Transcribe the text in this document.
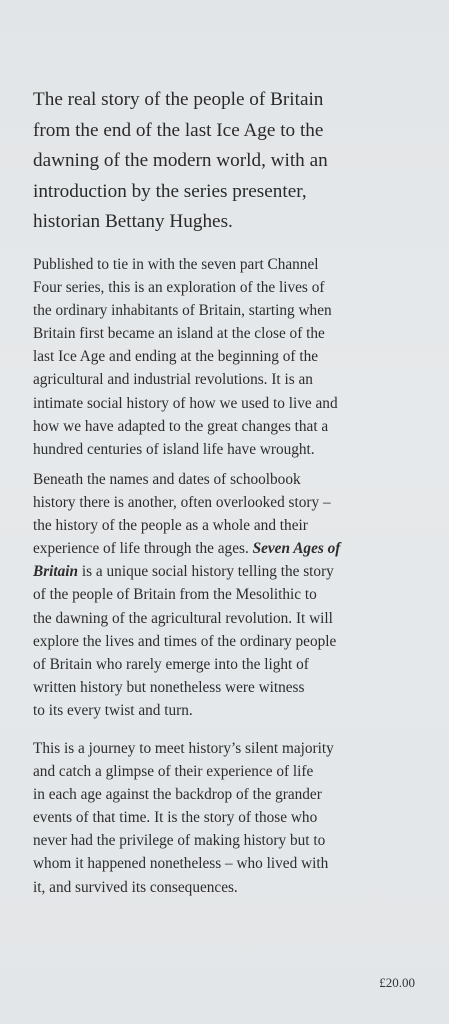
The real story of the people of Britain
from the end of the last Ice Age to the
dawning of the modern world, with an
introduction by the series presenter,
historian Bettany Hughes.

Published to tie in with the seven part Channel
Four series, this is an exploration of the lives of
the ordinary inhabitants of Britain, starting when
Britain first became an island at the close of the
last Ice Age and ending at the beginning of the
agricultural and industrial revolutions. It is an
intimate social history of how we used to live and
how we have adapted to the great changes that a
hundred centuries of island life have wrought.

Beneath the names and dates of schoolbook
history there is another, often overlooked story –
the history of the people as a whole and their
experience of life through the ages. Seven Ages of
Britain is a unique social history telling the story
of the people of Britain from the Mesolithic to
the dawning of the agricultural revolution. It will
explore the lives and times of the ordinary people
of Britain who rarely emerge into the light of
written history but nonetheless were witness
to its every twist and turn.

This is a journey to meet history’s silent majority
and catch a glimpse of their experience of life
in each age against the backdrop of the grander
events of that time. It is the story of those who
never had the privilege of making history but to
whom it happened nonetheless – who lived with
it, and survived its consequences.

£20.00
